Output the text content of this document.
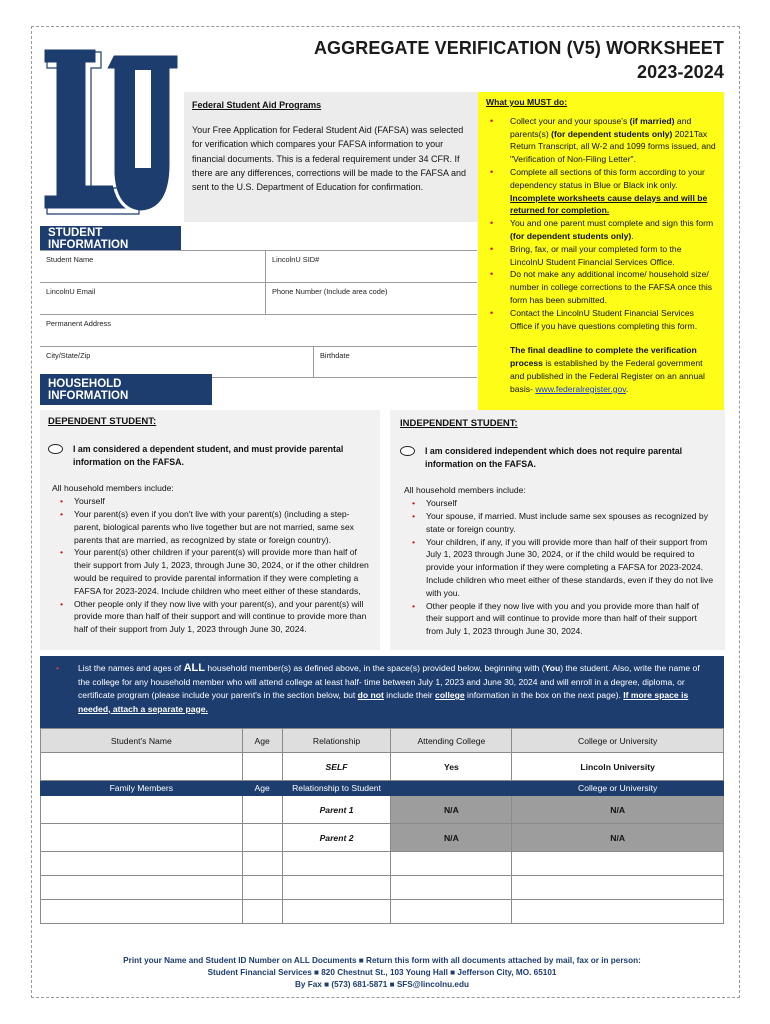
AGGREGATE VERIFICATION (V5) WORKSHEET
2023-2024
Federal Student Aid Programs
Your Free Application for Federal Student Aid (FAFSA) was selected for verification which compares your FAFSA information to your financial documents. This is a federal requirement under 34 CFR. If there are any differences, corrections will be made to the FAFSA and sent to the U.S. Department of Education for confirmation.
What you MUST do:
• Collect your and your spouse's (if married) and parents(s) (for dependent students only) 2021Tax Return Transcript, all W-2 and 1099 forms issued, and "Verification of Non-Filing Letter".
• Complete all sections of this form according to your dependency status in Blue or Black ink only. Incomplete worksheets cause delays and will be returned for completion.
• You and one parent must complete and sign this form (for dependent students only).
• Bring, fax, or mail your completed form to the LincolnU Student Financial Services Office.
• Do not make any additional income/ household size/ number in college corrections to the FAFSA once this form has been submitted.
• Contact the LincolnU Student Financial Services Office if you have questions completing this form.
The final deadline to complete the verification process is established by the Federal government and published in the Federal Register on an annual basis- www.federalregister.gov.
STUDENT INFORMATION
Student Name	LincolnU SID#
LincolnU Email	Phone Number (Include area code)
Permanent Address
City/State/Zip	Birthdate
HOUSEHOLD INFORMATION
DEPENDENT STUDENT:
I am considered a dependent student, and must provide parental information on the FAFSA.
All household members include:
• Yourself
• Your parent(s) even if you don't live with your parent(s) (including a step-parent, biological parents who live together but are not married, same sex parents that are married, as recognized by state or foreign country).
• Your parent(s) other children if your parent(s) will provide more than half of their support from July 1, 2023, through June 30, 2024, or if the other children would be required to provide parental information if they were completing a FAFSA for 2023-2024. Include children who meet either of these standards,
• Other people only if they now live with your parent(s), and your parent(s) will provide more than half of their support and will continue to provide more than half of their support from July 1, 2023 through June 30, 2024.
INDEPENDENT STUDENT:
I am considered independent which does not require parental information on the FAFSA.
All household members include:
• Yourself
• Your spouse, if married. Must include same sex spouses as recognized by state or foreign country.
• Your children, if any, if you will provide more than half of their support from July 1, 2023 through June 30, 2024, or if the child would be required to provide your information if they were completing a FAFSA for 2023-2024. Include children who meet either of these standards, even if they do not live with you.
• Other people if they now live with you and you provide more than half of their support and will continue to provide more than half of their support from July 1, 2023 through June 30, 2024.
• List the names and ages of ALL household member(s) as defined above, in the space(s) provided below, beginning with (You) the student. Also, write the name of the college for any household member who will attend college at least half- time between July 1, 2023 and June 30, 2024 and will enroll in a degree, diploma, or certificate program (please include your parent's in the section below, but do not include their college information in the box on the next page). If more space is needed, attach a separate page.
Student's Name	Age	Relationship	Attending College	College or University
		SELF	Yes	Lincoln University
Family Members	Age	Relationship to Student		College or University
		Parent 1	N/A	N/A
		Parent 2	N/A	N/A

Print your Name and Student ID Number on ALL Documents ■ Return this form with all documents attached by mail, fax or in person:
Student Financial Services ■ 820 Chestnut St., 103 Young Hall ■ Jefferson City, MO. 65101
By Fax ■ (573) 681-5871 ■ SFS@lincolnu.edu
